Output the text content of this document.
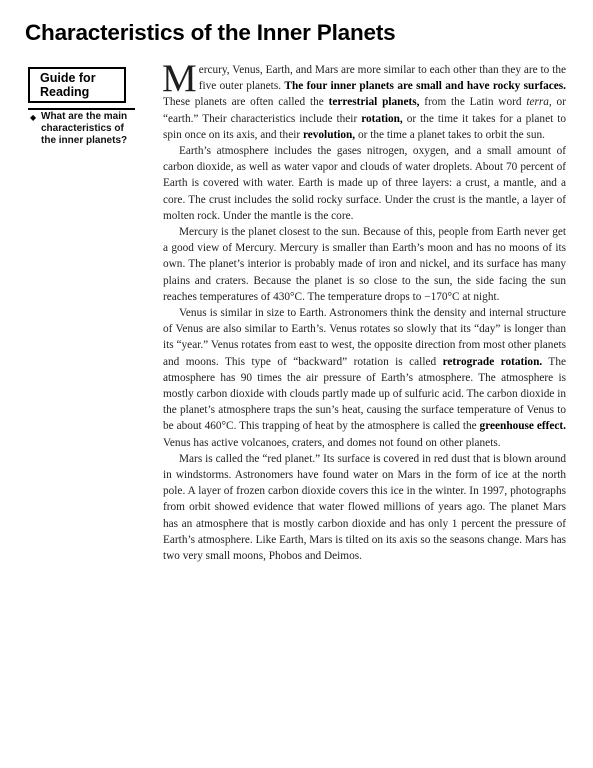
Characteristics of the Inner Planets
Guide for
Reading
◆ What are the main characteristics of the inner planets?

Mercury, Venus, Earth, and Mars are more similar to each other than they are to the five outer planets. The four inner planets are small and have rocky surfaces. These planets are often called the terrestrial planets, from the Latin word terra, or “earth.” Their characteristics include their rotation, or the time it takes for a planet to spin once on its axis, and their revolution, or the time a planet takes to orbit the sun.

Earth’s atmosphere includes the gases nitrogen, oxygen, and a small amount of carbon dioxide, as well as water vapor and clouds of water droplets. About 70 percent of Earth is covered with water. Earth is made up of three layers: a crust, a mantle, and a core. The crust includes the solid rocky surface. Under the crust is the mantle, a layer of molten rock. Under the mantle is the core.

Mercury is the planet closest to the sun. Because of this, people from Earth never get a good view of Mercury. Mercury is smaller than Earth’s moon and has no moons of its own. The planet’s interior is probably made of iron and nickel, and its surface has many plains and craters. Because the planet is so close to the sun, the side facing the sun reaches temperatures of 430°C. The temperature drops to −170°C at night.

Venus is similar in size to Earth. Astronomers think the density and internal structure of Venus are also similar to Earth’s. Venus rotates so slowly that its “day” is longer than its “year.” Venus rotates from east to west, the opposite direction from most other planets and moons. This type of “backward” rotation is called retrograde rotation. The atmosphere has 90 times the air pressure of Earth’s atmosphere. The atmosphere is mostly carbon dioxide with clouds partly made up of sulfuric acid. The carbon dioxide in the planet’s atmosphere traps the sun’s heat, causing the surface temperature of Venus to be about 460°C. This trapping of heat by the atmosphere is called the greenhouse effect. Venus has active volcanoes, craters, and domes not found on other planets.

Mars is called the “red planet.” Its surface is covered in red dust that is blown around in windstorms. Astronomers have found water on Mars in the form of ice at the north pole. A layer of frozen carbon dioxide covers this ice in the winter. In 1997, photographs from orbit showed evidence that water flowed millions of years ago. The planet Mars has an atmosphere that is mostly carbon dioxide and has only 1 percent the pressure of Earth’s atmosphere. Like Earth, Mars is tilted on its axis so the seasons change. Mars has two very small moons, Phobos and Deimos.
